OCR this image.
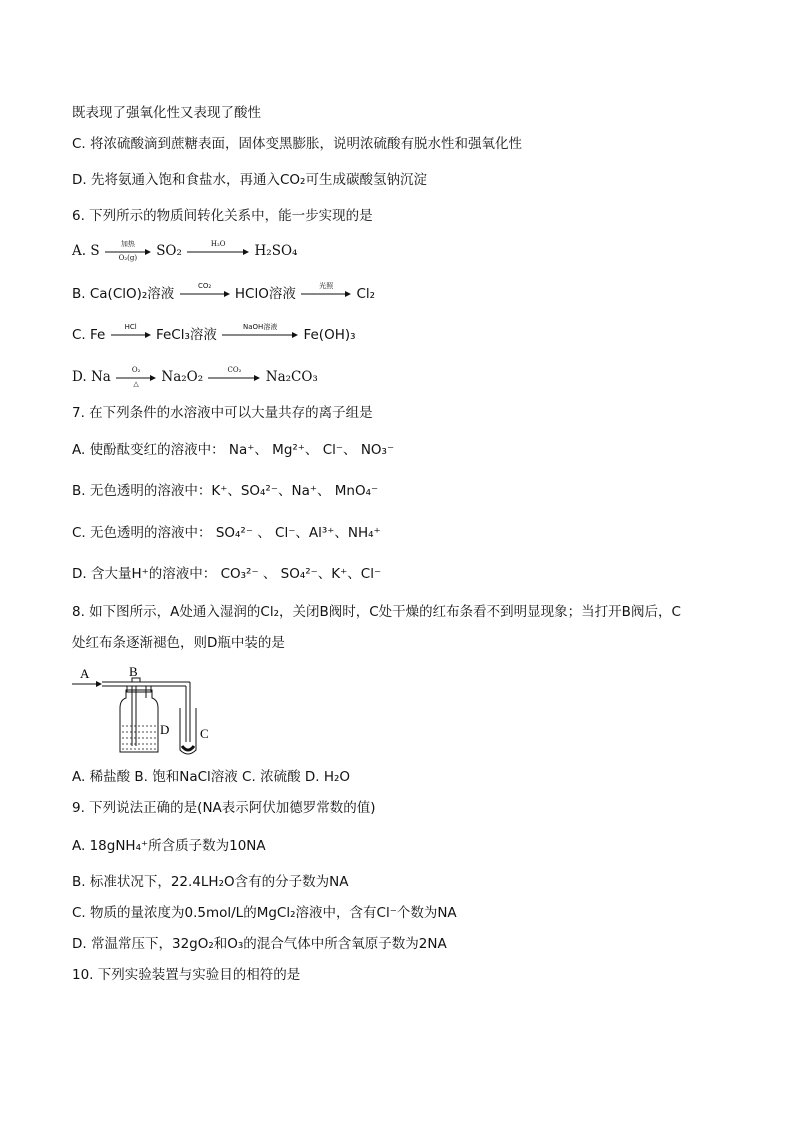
既表现了强氧化性又表现了酸性
C. 将浓硫酸滴到蔗糖表面，固体变黑膨胀，说明浓硫酸有脱水性和强氧化性
D. 先将氨通入饱和食盐水，再通入CO₂可生成碳酸氢钠沉淀
6. 下列所示的物质间转化关系中，能一步实现的是
A. S	加热
O₂(g)	SO₂	H₂O	H₂SO₄
B. Ca(ClO)₂溶液	CO₂	HClO溶液	光照	Cl₂
C. Fe	HCl	FeCl₃溶液	NaOH溶液	Fe(OH)₃
D. Na	O₂
△	Na₂O₂	CO₂	Na₂CO₃
7. 在下列条件的水溶液中可以大量共存的离子组是
A. 使酚酞变红的溶液中： Na⁺、 Mg²⁺、 Cl⁻、 NO₃⁻
B. 无色透明的溶液中：K⁺、SO₄²⁻、Na⁺、 MnO₄⁻
C. 无色透明的溶液中： SO₄²⁻ 、 Cl⁻、Al³⁺、NH₄⁺
D. 含大量H⁺的溶液中： CO₃²⁻ 、 SO₄²⁻、K⁺、Cl⁻
8. 如下图所示，A处通入湿润的Cl₂，关闭B阀时，C处干燥的红布条看不到明显现象；当打开B阀后，C
处红布条逐渐褪色，则D瓶中装的是
A	B
D C
A. 稀盐酸 B. 饱和NaCl溶液 C. 浓硫酸 D. H₂O
9. 下列说法正确的是(NA表示阿伏加德罗常数的值)
A. 18gNH₄⁺所含质子数为10NA
B. 标准状况下，22.4LH₂O含有的分子数为NA
C. 物质的量浓度为0.5mol/L的MgCl₂溶液中，含有Cl⁻个数为NA
D. 常温常压下，32gO₂和O₃的混合气体中所含氧原子数为2NA
10. 下列实验装置与实验目的相符的是
